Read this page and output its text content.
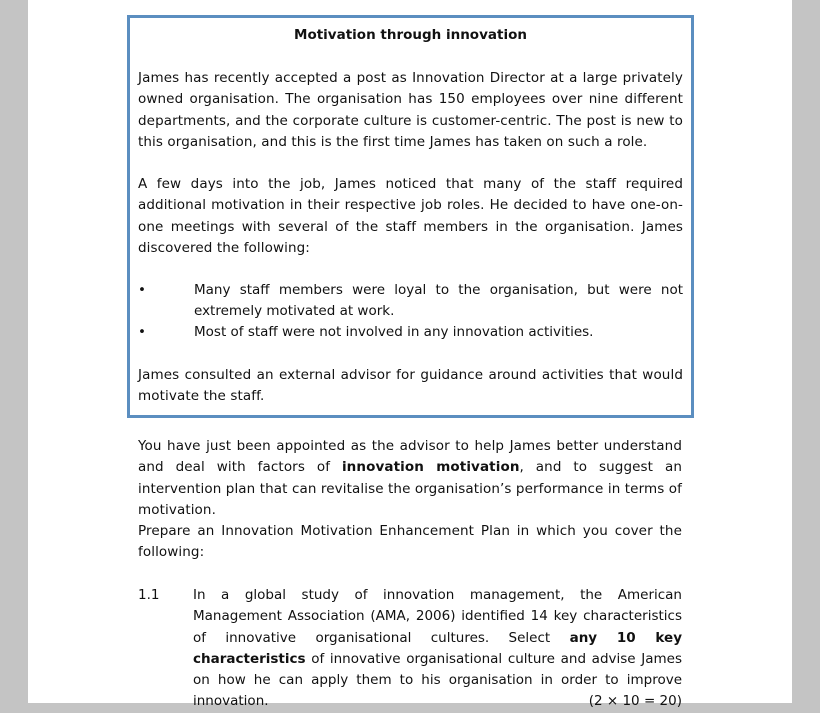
Motivation through innovation
James has recently accepted a post as Innovation Director at a large privately owned organisation. The organisation has 150 employees over nine different departments, and the corporate culture is customer-centric. The post is new to this organisation, and this is the first time James has taken on such a role.
A few days into the job, James noticed that many of the staff required additional motivation in their respective job roles. He decided to have one-on-one meetings with several of the staff members in the organisation. James discovered the following:
•	Many staff members were loyal to the organisation, but were not extremely motivated at work.
•	Most of staff were not involved in any innovation activities.
James consulted an external advisor for guidance around activities that would motivate the staff.
You have just been appointed as the advisor to help James better understand and deal with factors of innovation motivation, and to suggest an intervention plan that can revitalise the organisation’s performance in terms of motivation.
Prepare an Innovation Motivation Enhancement Plan in which you cover the following:
1.1 In a global study of innovation management, the American Management Association (AMA, 2006) identified 14 key characteristics of innovative organisational cultures. Select any 10 key characteristics of innovative organisational culture and advise James on how he can apply them to his organisation in order to improve innovation.	(2 × 10 = 20)
